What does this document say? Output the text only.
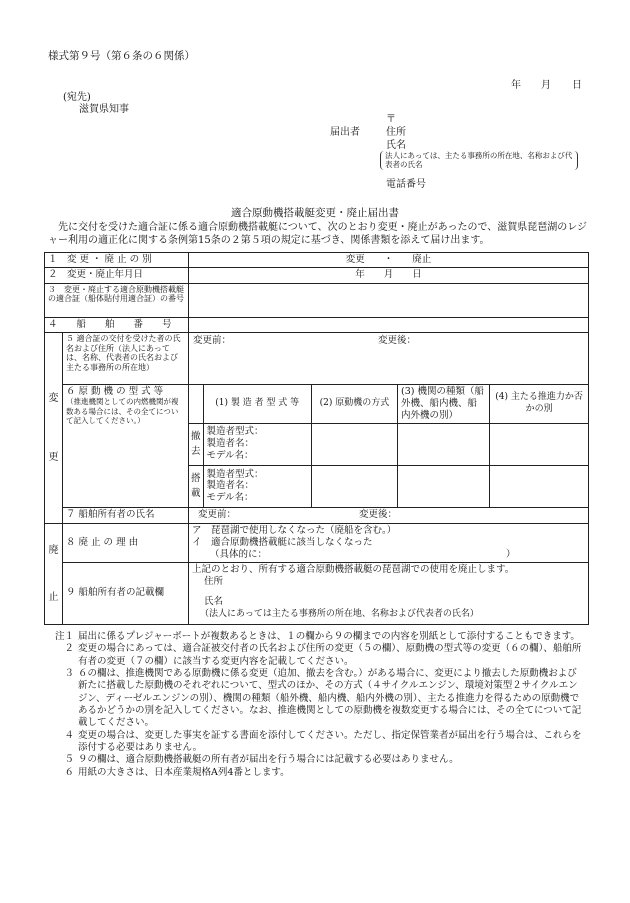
様式第９号（第６条の６関係）
年 月 日
(宛先)
滋賀県知事
〒
届出者	住所
氏名
法人にあっては、主たる事務所の所在地、名称および代表者の氏名
電話番号
適合原動機搭載艇変更・廃止届出書
先に交付を受けた適合証に係る適合原動機搭載艇について、次のとおり変更・廃止があったので、滋賀県琵琶湖のレジャー利用の適正化に関する条例第15条の２第５項の規定に基づき、関係書類を添えて届け出ます。
１　変 更 ・ 廃 止 の 別	変更　　・　　廃止
２　変更・廃止年月日	年　　月　　日
３　変更・廃止する適合原動機搭載艇の適合証（船体貼付用適合証）の番号	
４　　船　　舶　　番　　号	

変
更
	５ 適合証の交付を受けた者の氏名および住所（法人にあっては、名称、代表者の氏名および主たる事務所の所在地）	変更前：	変更後：

６ 原 動 機 の 型 式 等
（推進機関としての内燃機関が複数ある場合には、その全てについて記入してください。）

	(1) 製 造 者 型 式 等	(2) 原動機の方式	(3) 機関の種類（船外機、船内機、船内外機の別）	(4) 主たる推進力か否かの別
撤去	
製造者型式：
製造者名：
モデル名：

搭載	
製造者型式：
製造者名：
モデル名：

７ 船舶所有者の氏名	変更前：	変更後：

廃
止
	８ 廃 止 の 理 由	
ア　琵琶湖で使用しなくなった（廃船を含む。）
イ　適合原動機搭載艇に該当しなくなった
（具体的に：	）

９ 船舶所有者の記載欄	
上記のとおり、所有する適合原動機搭載艇の琵琶湖での使用を廃止します。
住所
氏名
（法人にあっては主たる事務所の所在地、名称および代表者の氏名）
注１ 届出に係るプレジャーボートが複数あるときは、１の欄から９の欄までの内容を別紙として添付することもできます。
２ 変更の場合にあっては、適合証被交付者の氏名および住所の変更（５の欄）、原動機の型式等の変更（６の欄）、船舶所有者の変更（７の欄）に該当する変更内容を記載してください。
３ ６の欄は、推進機関である原動機に係る変更（追加、撤去を含む。）がある場合に、変更により撤去した原動機および新たに搭載した原動機のそれぞれについて、型式のほか、その方式（４サイクルエンジン、環境対策型２サイクルエンジン、ディーゼルエンジンの別）、機関の種類（船外機、船内機、船内外機の別）、主たる推進力を得るための原動機であるかどうかの別を記入してください。なお、推進機関としての原動機を複数変更する場合には、その全てについて記載してください。
４ 変更の場合は、変更した事実を証する書面を添付してください。ただし、指定保管業者が届出を行う場合は、これらを添付する必要はありません。
５ ９の欄は、適合原動機搭載艇の所有者が届出を行う場合には記載する必要はありません。
６ 用紙の大きさは、日本産業規格A列4番とします。
